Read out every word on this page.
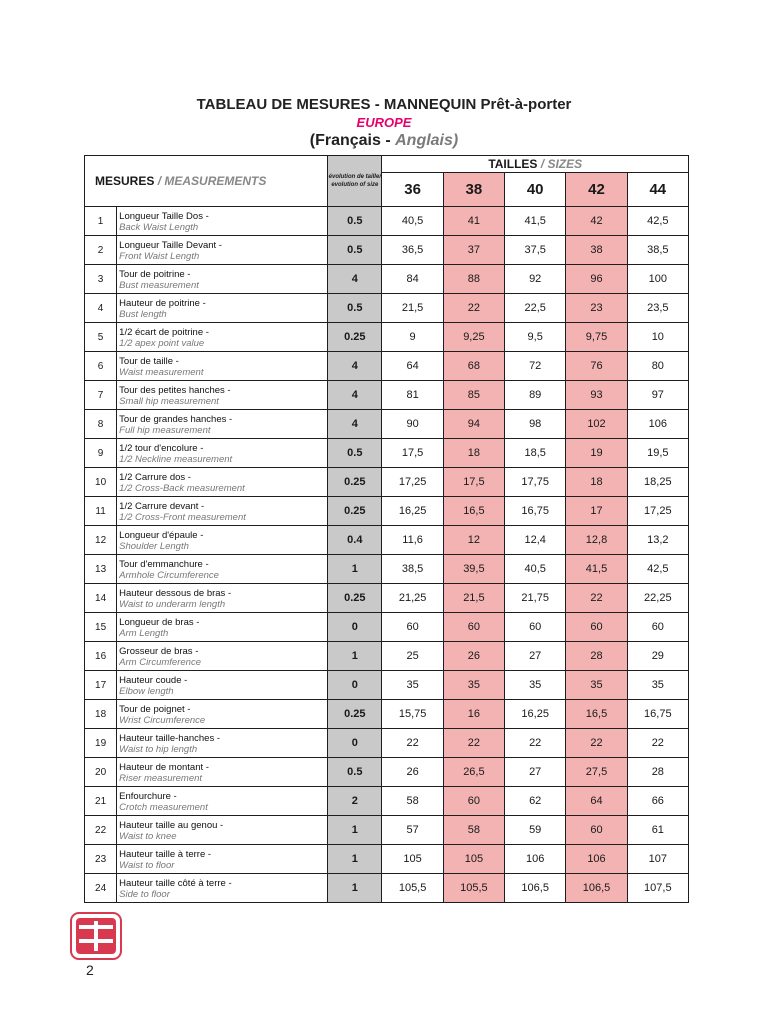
TABLEAU DE MESURES - MANNEQUIN Prêt-à-porter
EUROPE
(Français - Anglais)
MESURES / MEASUREMENTS		évolution de taille/ evolution of size	TAILLES / SIZES				
			36	38	40	42	44
1	Longueur Taille Dos -
Back Waist Length	0.5	40,5	41	41,5	42	42,5
2	Longueur Taille Devant -
Front Waist Length	0.5	36,5	37	37,5	38	38,5
3	Tour de poitrine -
Bust measurement	4	84	88	92	96	100
4	Hauteur de poitrine -
Bust length	0.5	21,5	22	22,5	23	23,5
5	1/2 écart de poitrine -
1/2 apex point value	0.25	9	9,25	9,5	9,75	10
6	Tour de taille -
Waist measurement	4	64	68	72	76	80
7	Tour des petites hanches -
Small hip measurement	4	81	85	89	93	97
8	Tour de grandes hanches -
Full hip measurement	4	90	94	98	102	106
9	1/2 tour d'encolure -
1/2 Neckline measurement	0.5	17,5	18	18,5	19	19,5
10	1/2 Carrure dos -
1/2 Cross-Back measurement	0.25	17,25	17,5	17,75	18	18,25
11	1/2 Carrure devant -
1/2 Cross-Front measurement	0.25	16,25	16,5	16,75	17	17,25
12	Longueur d'épaule -
Shoulder Length	0.4	11,6	12	12,4	12,8	13,2
13	Tour d'emmanchure -
Armhole Circumference	1	38,5	39,5	40,5	41,5	42,5
14	Hauteur dessous de bras -
Waist to underarm length	0.25	21,25	21,5	21,75	22	22,25
15	Longueur de bras -
Arm Length	0	60	60	60	60	60
16	Grosseur de bras -
Arm Circumference	1	25	26	27	28	29
17	Hauteur coude -
Elbow length	0	35	35	35	35	35
18	Tour de poignet -
Wrist Circumference	0.25	15,75	16	16,25	16,5	16,75
19	Hauteur taille-hanches -
Waist to hip length	0	22	22	22	22	22
20	Hauteur de montant -
Riser measurement	0.5	26	26,5	27	27,5	28
21	Enfourchure -
Crotch measurement	2	58	60	62	64	66
22	Hauteur taille au genou -
Waist to knee	1	57	58	59	60	61
23	Hauteur taille à terre -
Waist to floor	1	105	105	106	106	107
24	Hauteur taille côté à terre -
Side to floor	1	105,5	105,5	106,5	106,5	107,5
2
